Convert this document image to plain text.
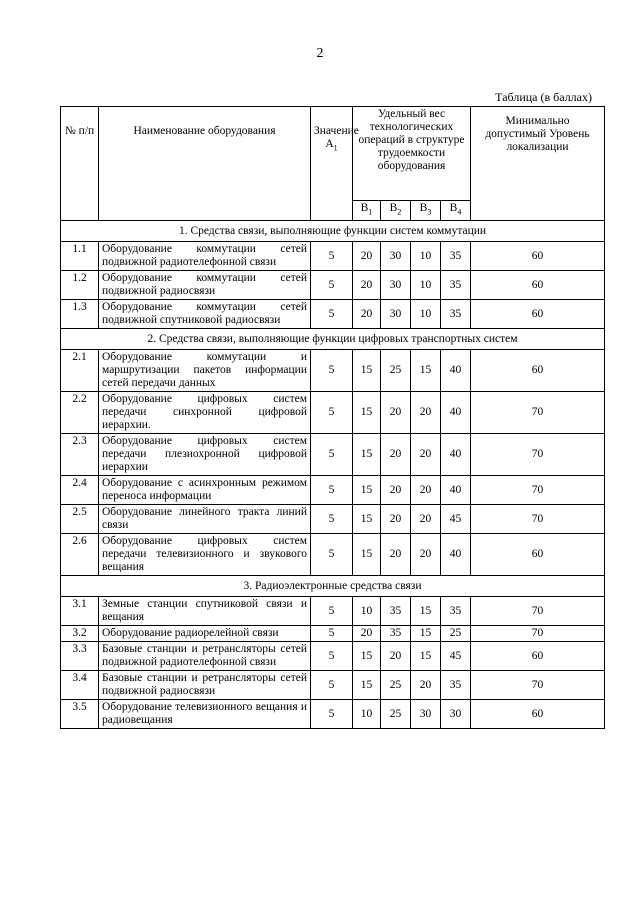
2
Таблица (в баллах)
№ п/п	Наименование оборудования	Значение $А_1$	Удельный вес технологических операций в структуре трудоемкости оборудования				Минимально допустимый Уровень локализации
			$В_1$	$В_2$	$В_3$	$В_4$
1. Средства связи, выполняющие функции систем коммутации							
1.1	Оборудование коммутации сетей подвижной радиотелефонной связи	5	20	30	10	35	60
1.2	Оборудование коммутации сетей подвижной радиосвязи	5	20	30	10	35	60
1.3	Оборудование коммутации сетей подвижной спутниковой радиосвязи	5	20	30	10	35	60
2. Средства связи, выполняющие функции цифровых транспортных систем							
2.1	Оборудование коммутации и маршрутизации пакетов информации сетей передачи данных	5	15	25	15	40	60
2.2	Оборудование цифровых систем передачи синхронной цифровой иерархии.	5	15	20	20	40	70
2.3	Оборудование цифровых систем передачи плезиохронной цифровой иерархии	5	15	20	20	40	70
2.4	Оборудование с асинхронным режимом переноса информации	5	15	20	20	40	70
2.5	Оборудование линейного тракта линий связи	5	15	20	20	45	70
2.6	Оборудование цифровых систем передачи телевизионного и звукового вещания	5	15	20	20	40	60
3. Радиоэлектронные средства связи							
3.1	Земные станции спутниковой связи и вещания	5	10	35	15	35	70
3.2	Оборудование радиорелейной связи	5	20	35	15	25	70
3.3	Базовые станции и ретрансляторы сетей подвижной радиотелефонной связи	5	15	20	15	45	60
3.4	Базовые станции и ретрансляторы сетей подвижной радиосвязи	5	15	25	20	35	70
3.5	Оборудование телевизионного вещания и радиовещания	5	10	25	30	30	60
